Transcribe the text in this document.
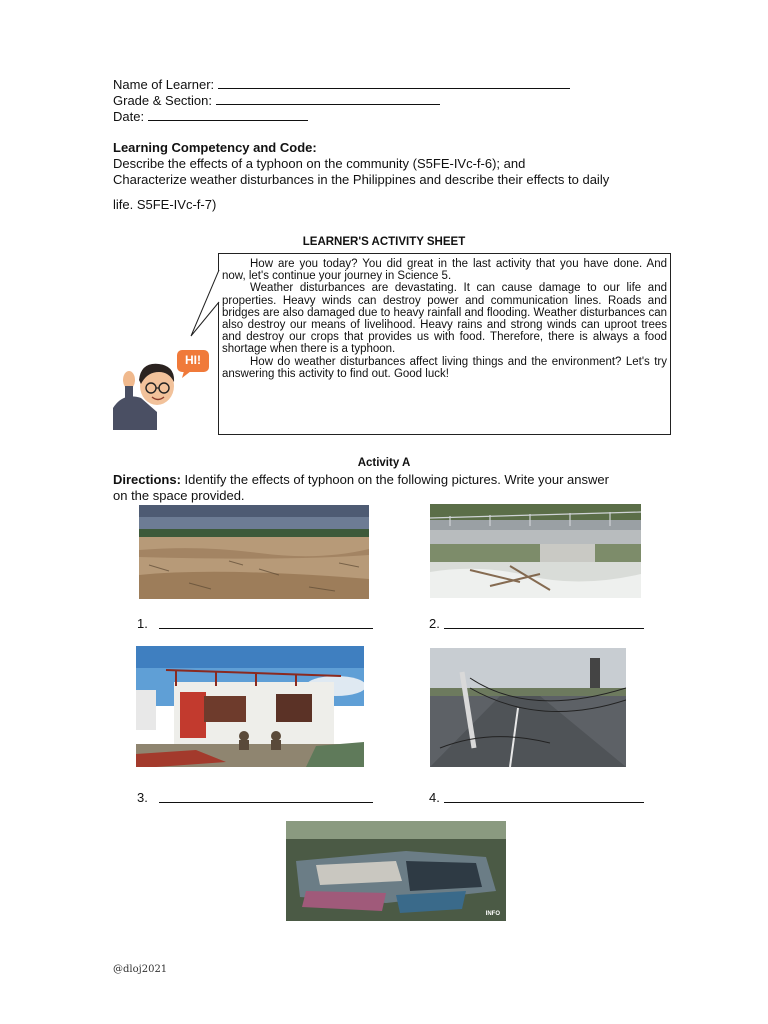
Name of Learner:
Grade & Section:
Date:
Learning Competency and Code:
Describe the effects of a typhoon on the community (S5FE-IVc-f-6); and
Characterize weather disturbances in the Philippines and describe their effects to daily
life. S5FE-IVc-f-7)
LEARNER'S ACTIVITY SHEET

How are you today? You did great in the last activity that you have done. And now, let's continue your journey in Science 5.

Weather disturbances are devastating. It can cause damage to our life and properties. Heavy winds can destroy power and communication lines. Roads and bridges are also damaged due to heavy rainfall and flooding. Weather disturbances can also destroy our means of livelihood. Heavy rains and strong winds can uproot trees and destroy our crops that provides us with food. Therefore, there is always a food shortage when there is a typhoon.

How do weather disturbances affect living things and the environment? Let's try answering this activity to find out. Good luck!

HI!
Activity A
Directions: Identify the effects of typhoon on the following pictures. Write your answer
on the space provided.
1.	2.
3.	4.
INFO
@dloj2021
